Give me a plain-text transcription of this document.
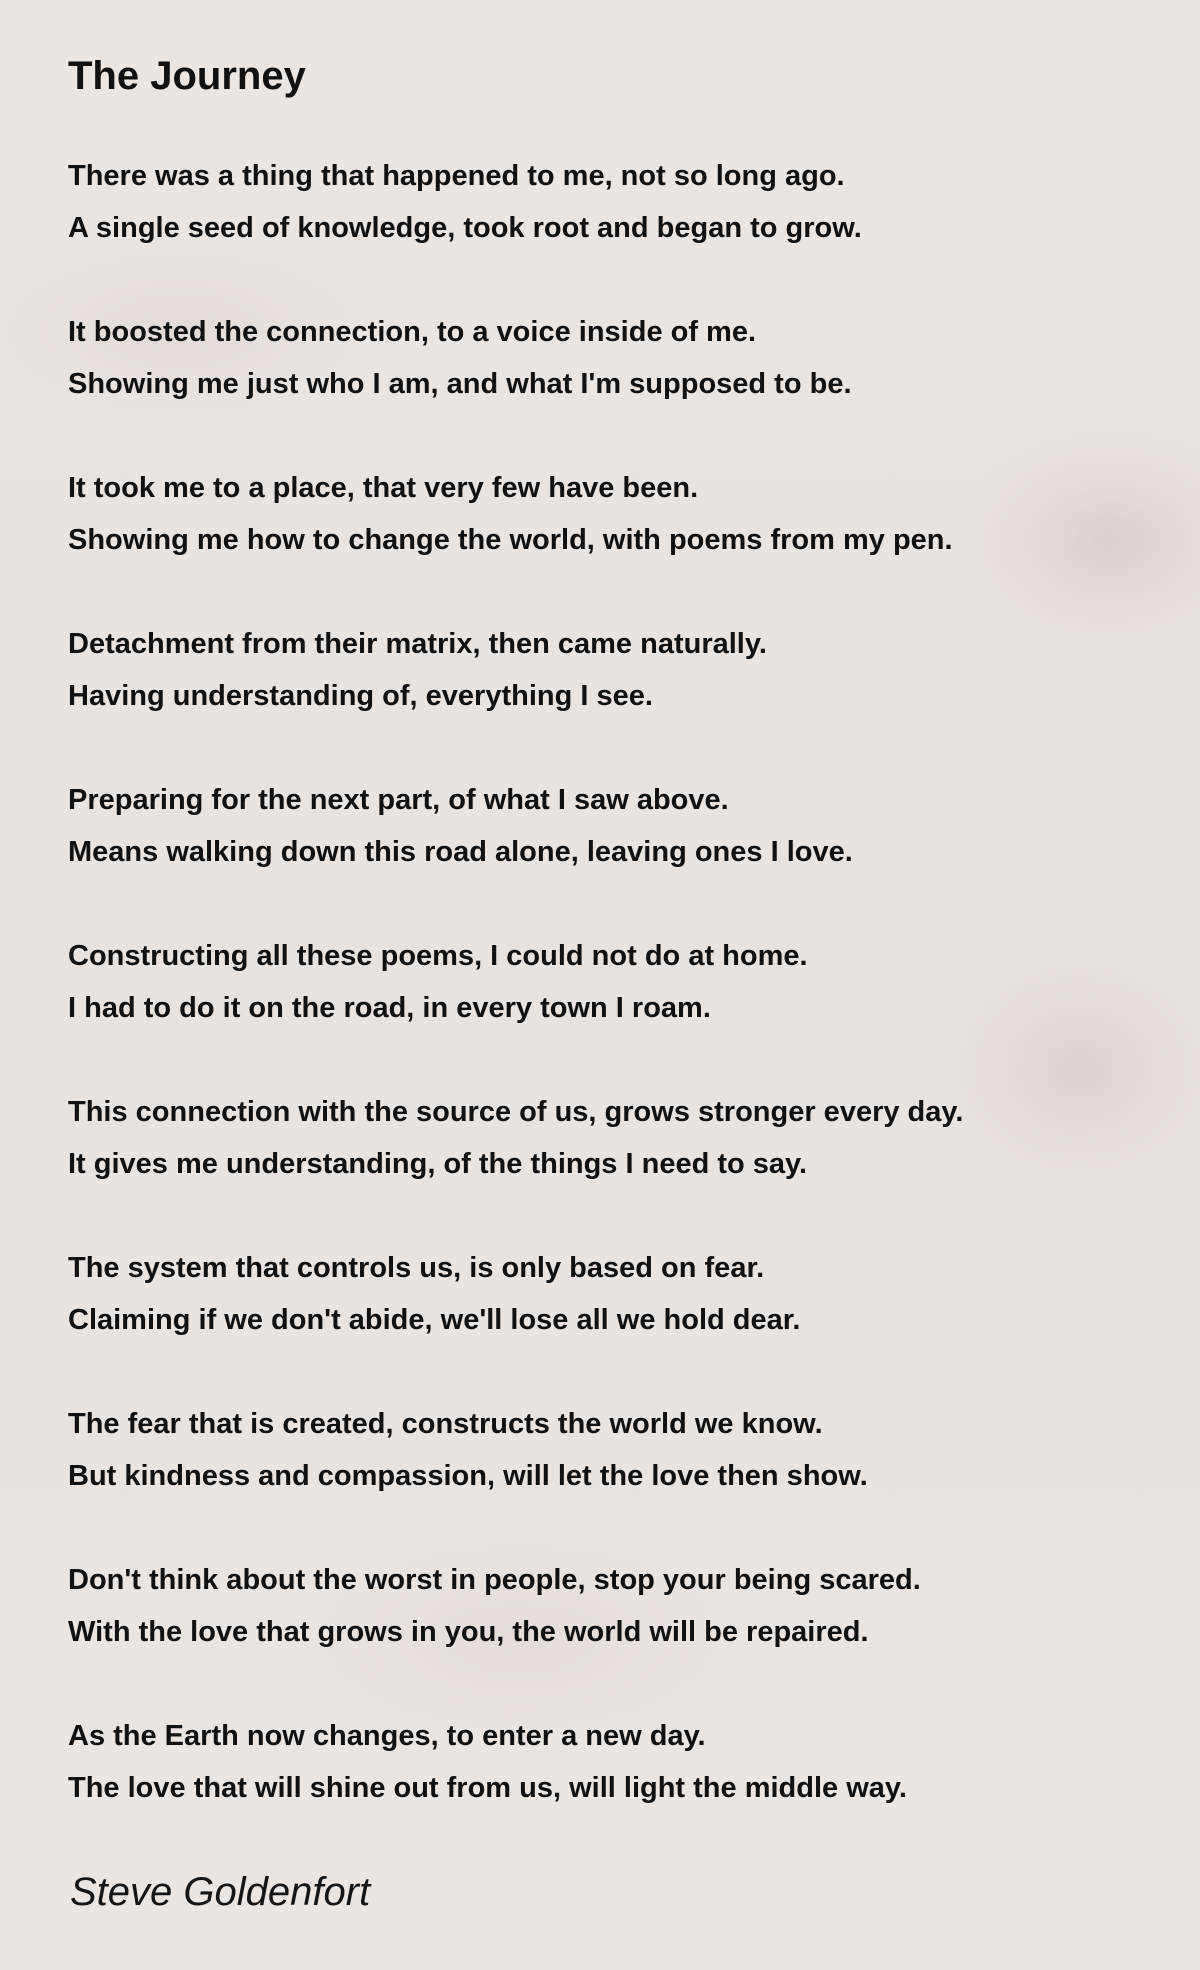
The Journey
There was a thing that happened to me, not so long ago.
A single seed of knowledge, took root and began to grow.
It boosted the connection, to a voice inside of me.
Showing me just who I am, and what I'm supposed to be.
It took me to a place, that very few have been.
Showing me how to change the world, with poems from my pen.
Detachment from their matrix, then came naturally.
Having understanding of, everything I see.
Preparing for the next part, of what I saw above.
Means walking down this road alone, leaving ones I love.
Constructing all these poems, I could not do at home.
I had to do it on the road, in every town I roam.
This connection with the source of us, grows stronger every day.
It gives me understanding, of the things I need to say.
The system that controls us, is only based on fear.
Claiming if we don't abide, we'll lose all we hold dear.
The fear that is created, constructs the world we know.
But kindness and compassion, will let the love then show.
Don't think about the worst in people, stop your being scared.
With the love that grows in you, the world will be repaired.
As the Earth now changes, to enter a new day.
The love that will shine out from us, will light the middle way.
Steve Goldenfort
